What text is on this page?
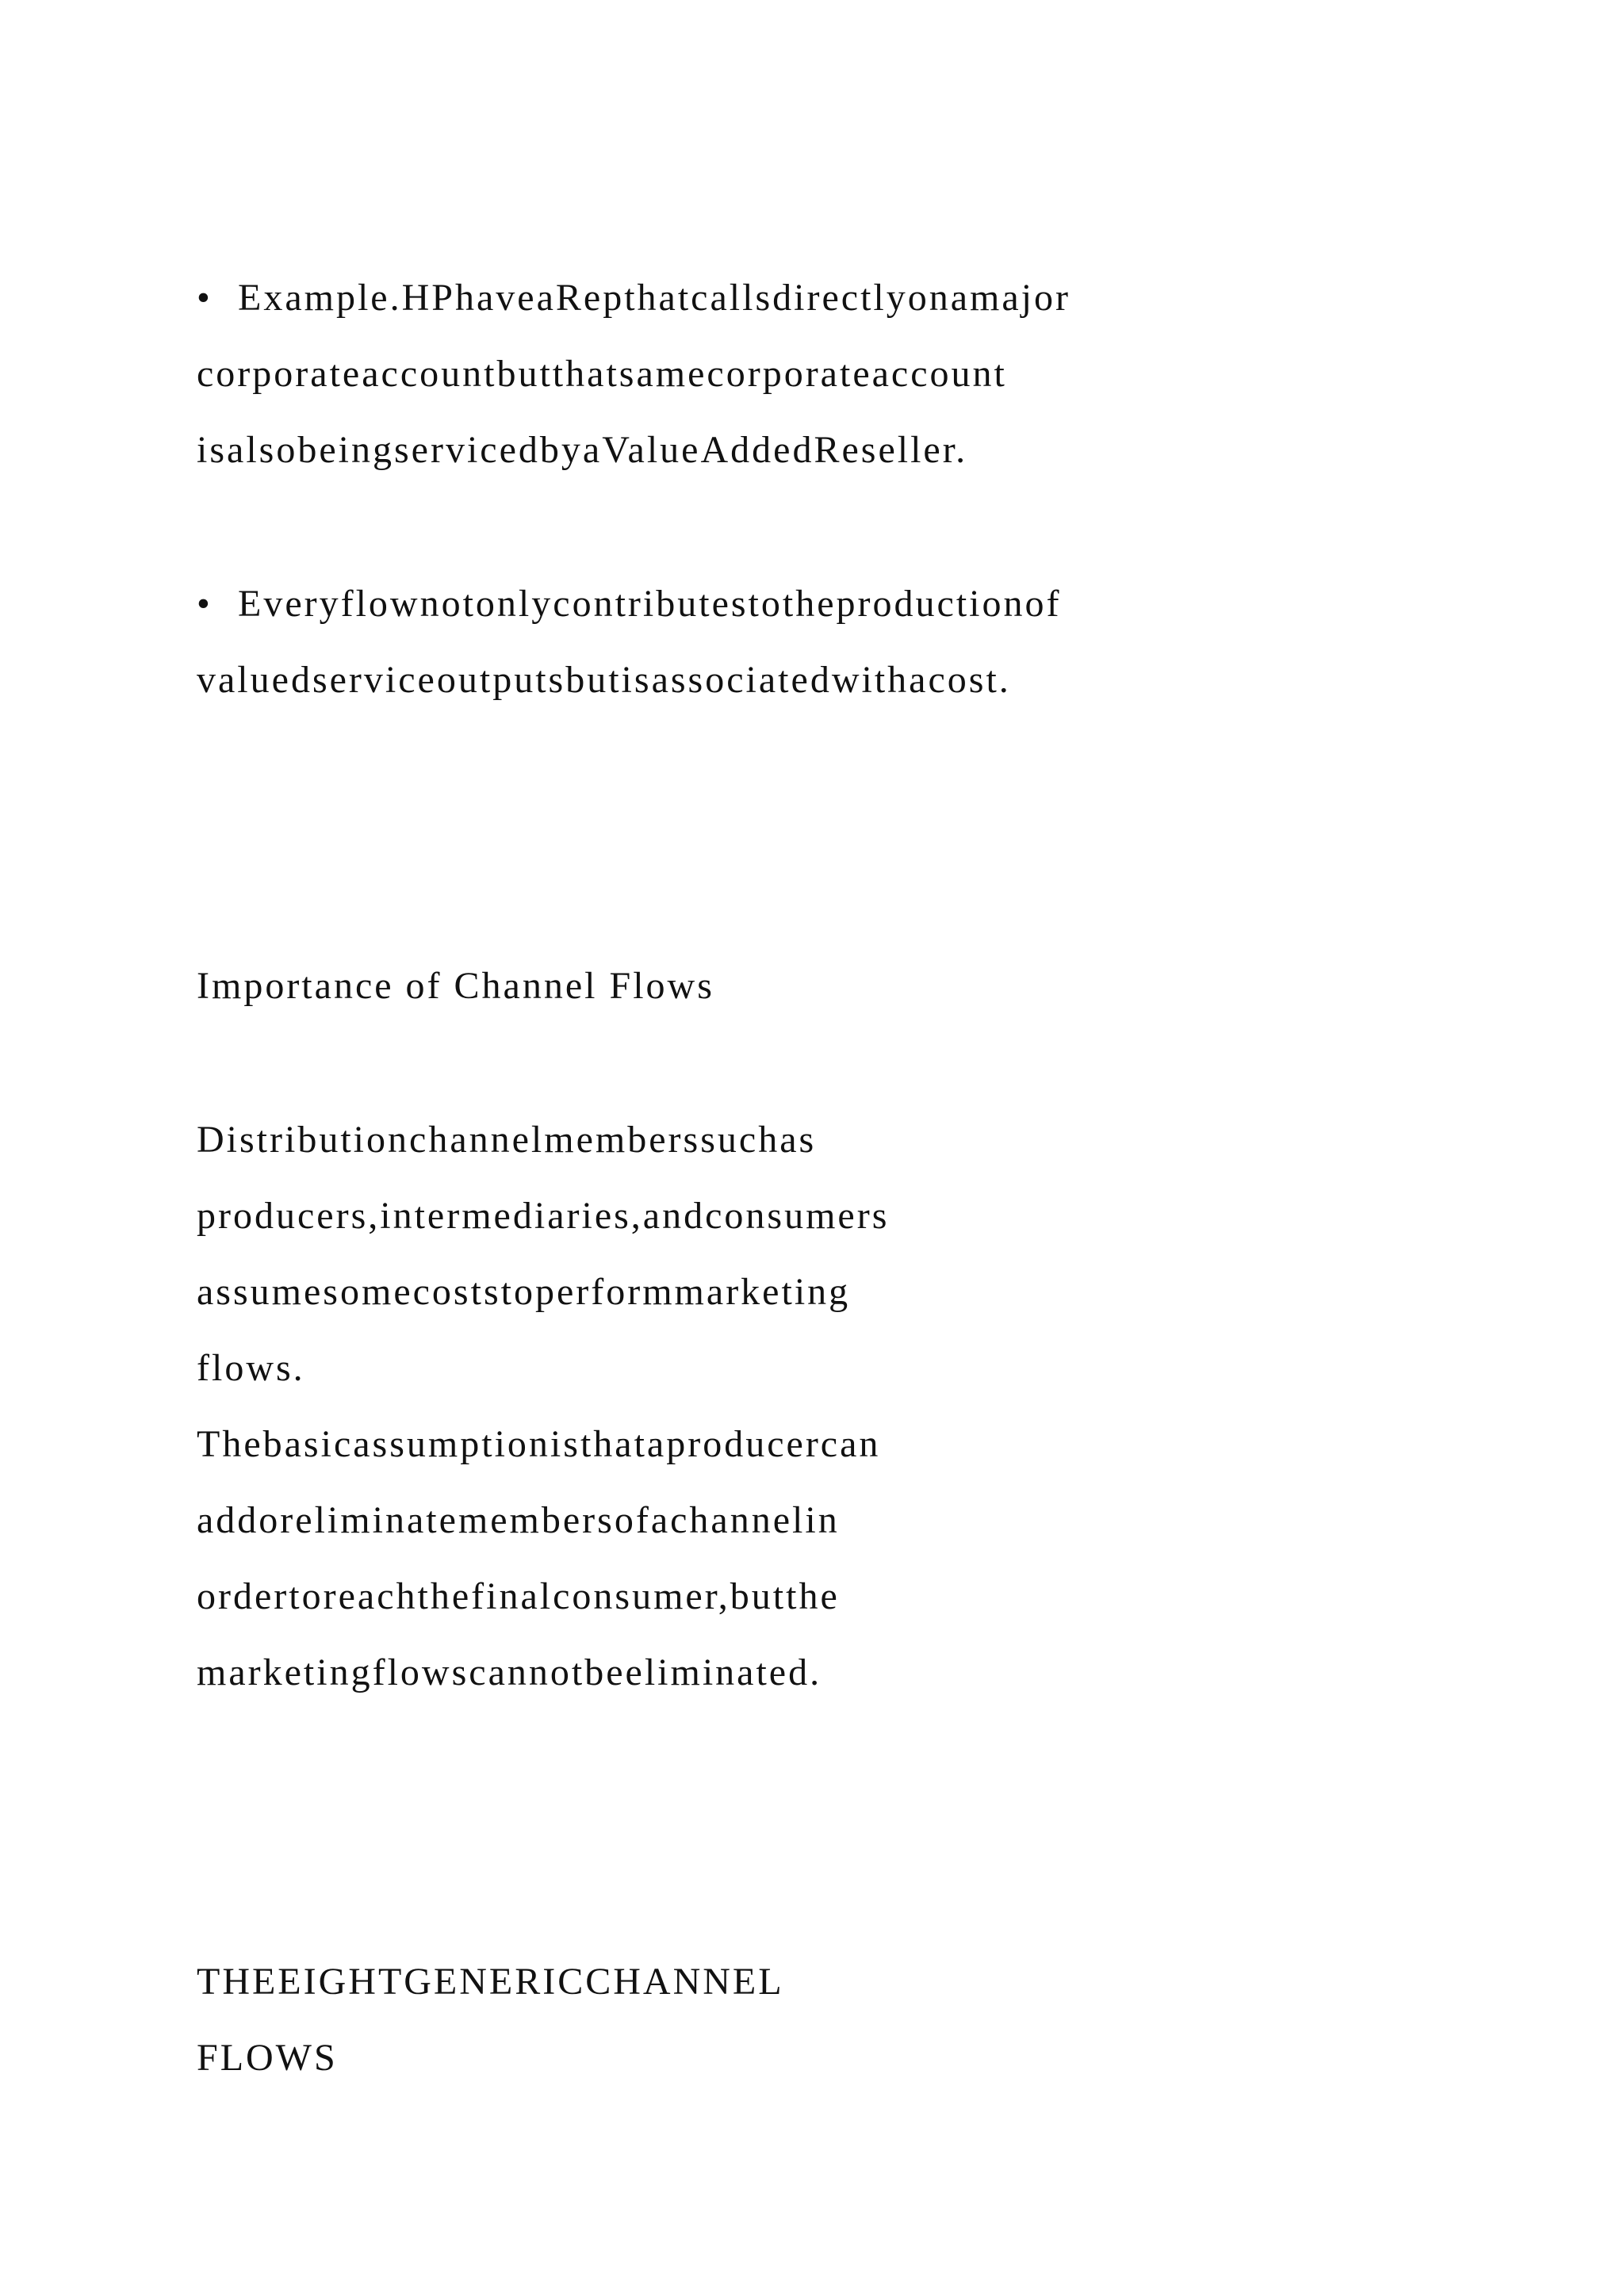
• Example.HPhaveaRepthatcallsdirectlyonamajor
corporateaccountbutthatsamecorporateaccount
isalsobeingservicedbyaValueAddedReseller.
• Everyflownotonlycontributestotheproductionof
valuedserviceoutputsbutisassociatedwithacost.
Importance of Channel Flows
Distributionchannelmemberssuchas
producers,intermediaries,andconsumers
assumesomecoststoperformmarketing
flows.
Thebasicassumptionisthataproducercan
addoreliminatemembersofachannelin
ordertoreachthefinalconsumer,butthe
marketingflowscannotbeeliminated.
THEEIGHTGENERICCHANNEL
FLOWS
